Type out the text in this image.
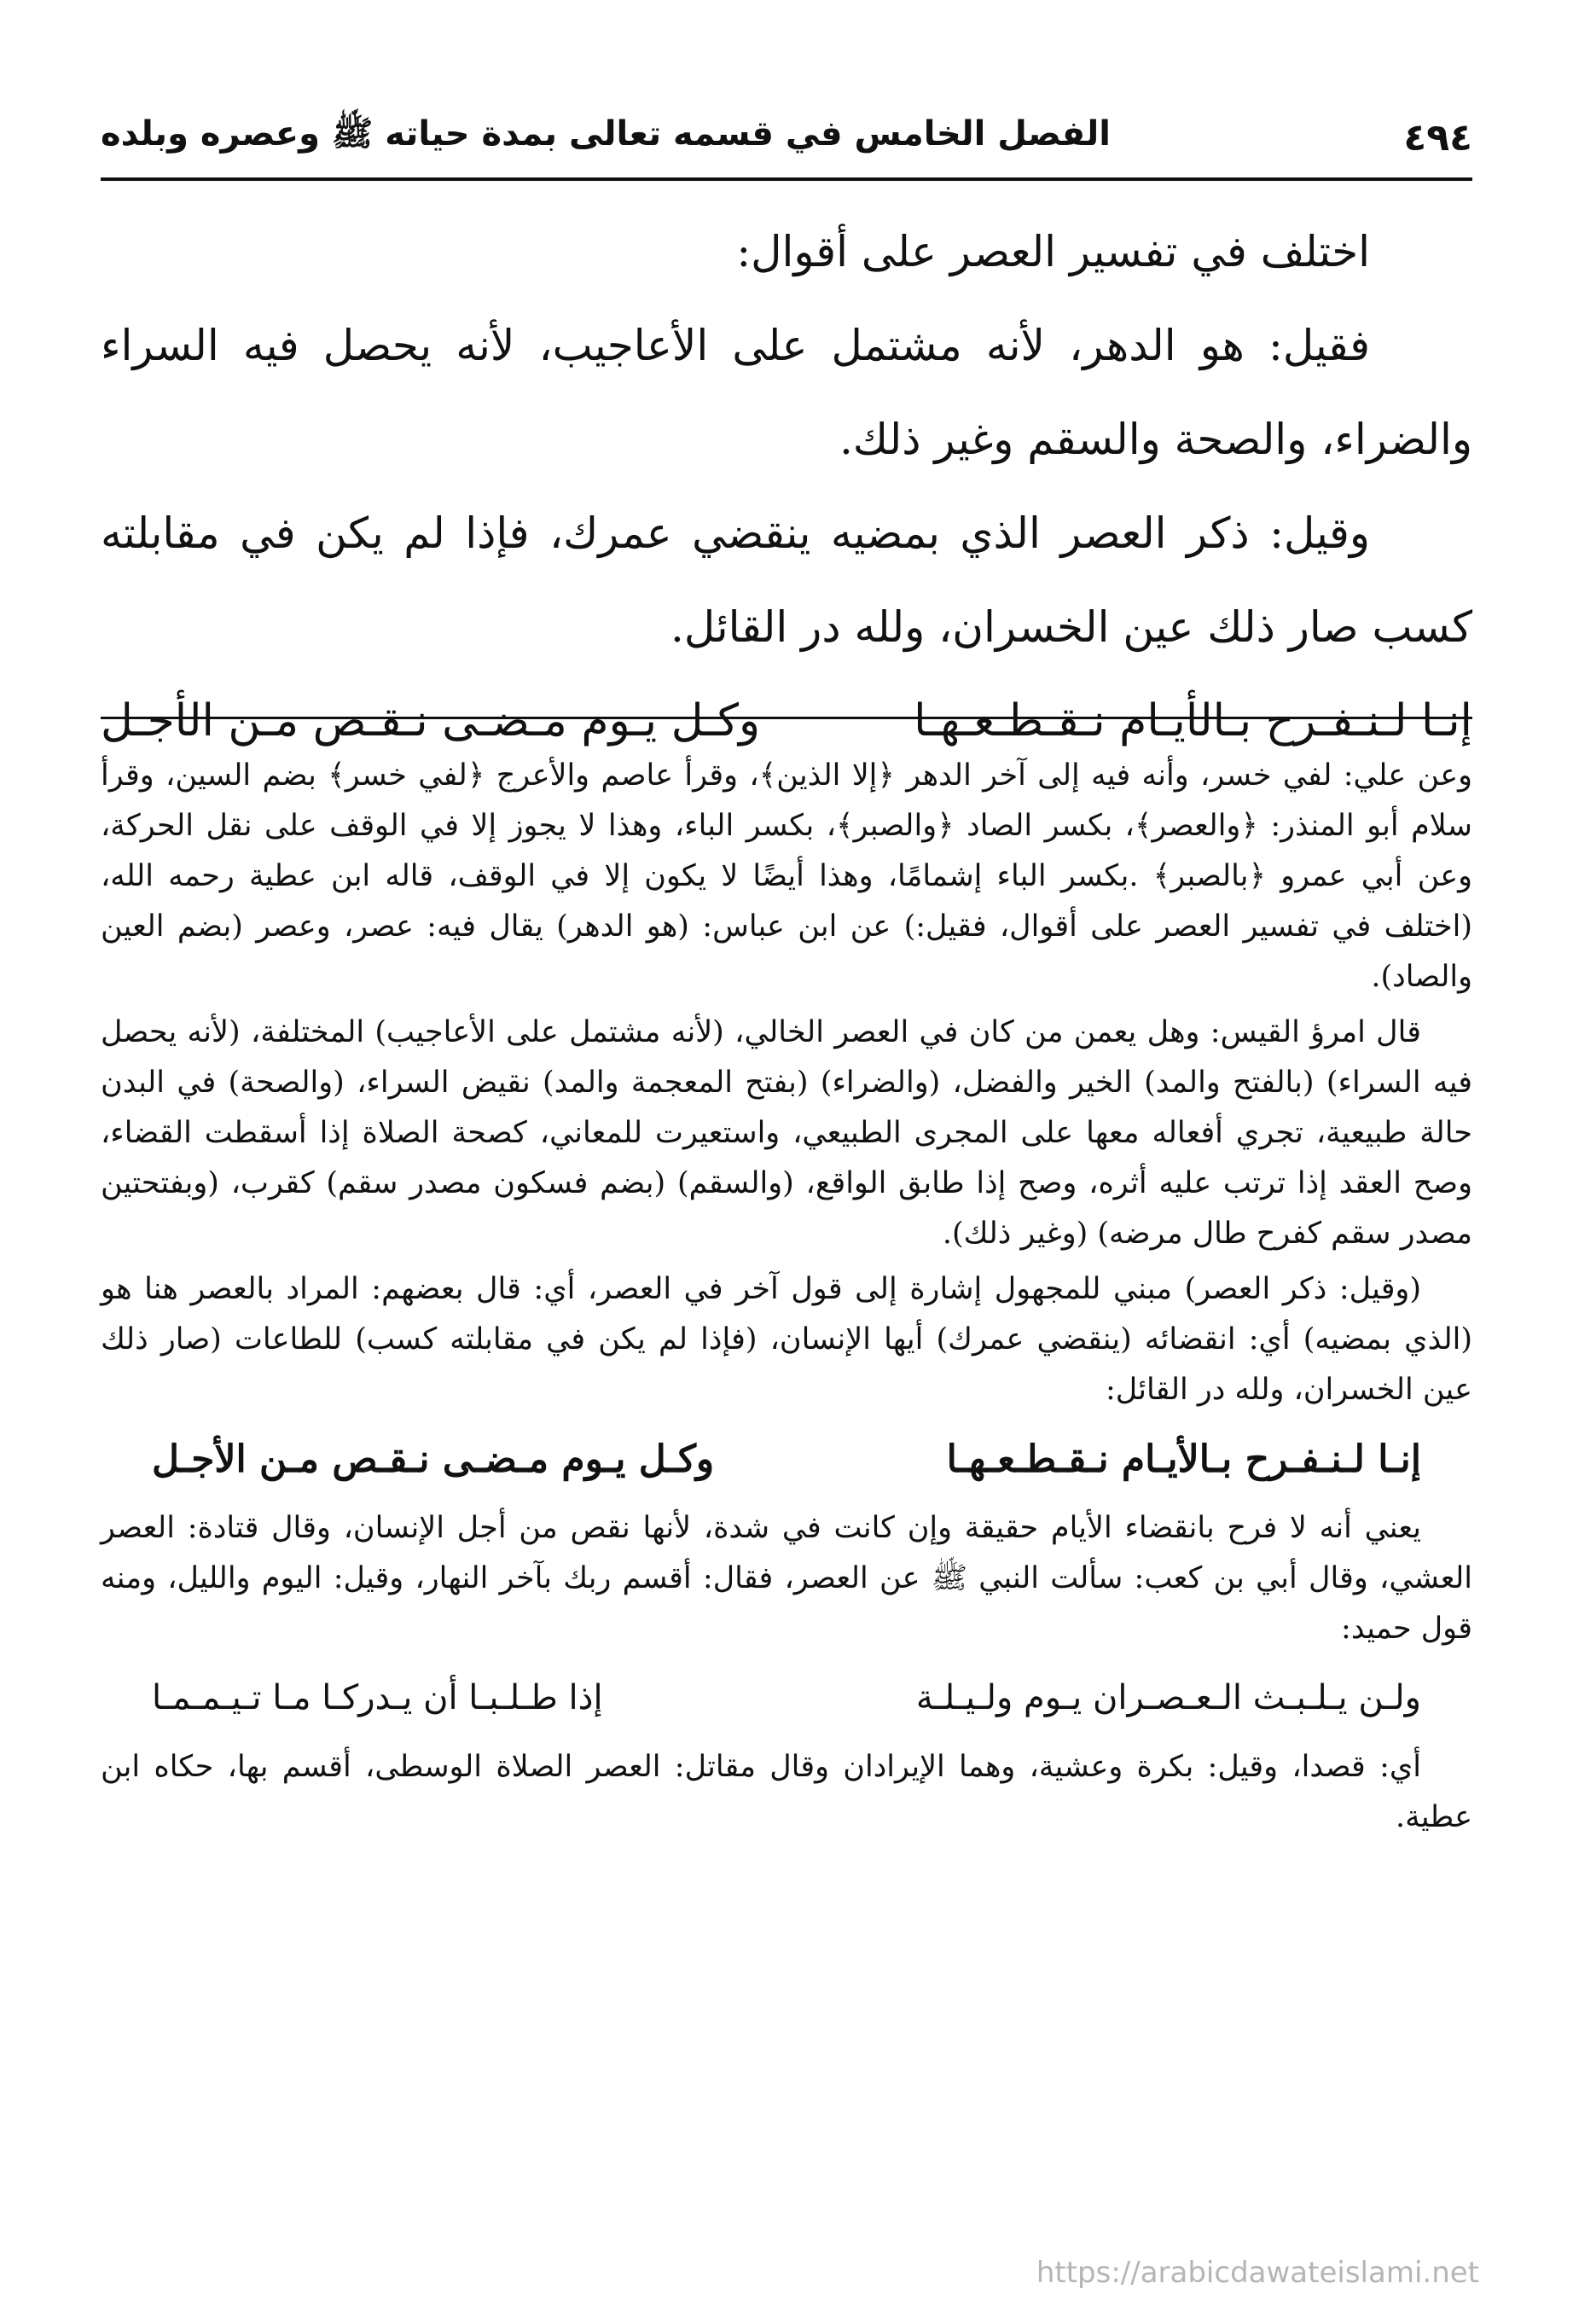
٤٩٤
الفصل الخامس في قسمه تعالى بمدة حياته ﷺ وعصره وبلده

اختلف في تفسير العصر على أقوال:

فقيل: هو الدهر، لأنه مشتمل على الأعاجيب، لأنه يحصل فيه السراء والضراء، والصحة والسقم وغير ذلك.

وقيل: ذكر العصر الذي بمضيه ينقضي عمرك، فإذا لم يكن في مقابلته كسب صار ذلك عين الخسران، ولله در القائل.

إنـا لـنـفـرح بـالأيـام نـقـطـعـهـا
وكـل يـوم مـضـى نـقـص مـن الأجـل

وعن علي: لفي خسر، وأنه فيه إلى آخر الدهر ﴿إلا الذين﴾، وقرأ عاصم والأعرج ﴿لفي خسر﴾ بضم السين، وقرأ سلام أبو المنذر: ﴿والعصر﴾، بكسر الصاد ﴿والصبر﴾، بكسر الباء، وهذا لا يجوز إلا في الوقف على نقل الحركة، وعن أبي عمرو ﴿بالصبر﴾ .بكسر الباء إشمامًا، وهذا أيضًا لا يكون إلا في الوقف، قاله ابن عطية رحمه الله، (اختلف في تفسير العصر على أقوال، فقيل:) عن ابن عباس: (هو الدهر) يقال فيه: عصر، وعصر (بضم العين والصاد).

قال امرؤ القيس: وهل يعمن من كان في العصر الخالي، (لأنه مشتمل على الأعاجيب) المختلفة، (لأنه يحصل فيه السراء) (بالفتح والمد) الخير والفضل، (والضراء) (بفتح المعجمة والمد) نقيض السراء، (والصحة) في البدن حالة طبيعية، تجري أفعاله معها على المجرى الطبيعي، واستعيرت للمعاني، كصحة الصلاة إذا أسقطت القضاء، وصح العقد إذا ترتب عليه أثره، وصح إذا طابق الواقع، (والسقم) (بضم فسكون مصدر سقم) كقرب، (وبفتحتين مصدر سقم كفرح طال مرضه) (وغير ذلك).

(وقيل: ذكر العصر) مبني للمجهول إشارة إلى قول آخر في العصر، أي: قال بعضهم: المراد بالعصر هنا هو (الذي بمضيه) أي: انقضائه (ينقضي عمرك) أيها الإنسان، (فإذا لم يكن في مقابلته كسب) للطاعات (صار ذلك عين الخسران، ولله در القائل:

إنـا لـنـفـرح بـالأيـام نـقـطـعـهـا
وكـل يـوم مـضـى نـقـص مـن الأجـل

يعني أنه لا فرح بانقضاء الأيام حقيقة وإن كانت في شدة، لأنها نقص من أجل الإنسان، وقال قتادة: العصر العشي، وقال أبي بن كعب: سألت النبي ﷺ عن العصر، فقال: أقسم ربك بآخر النهار، وقيل: اليوم والليل، ومنه قول حميد:

ولـن يـلـبـث الـعـصـران يـوم ولـيـلـة
إذا طـلـبـا أن يـدركـا مـا تـيـمـمـا

أي: قصدا، وقيل: بكرة وعشية، وهما الإيرادان وقال مقاتل: العصر الصلاة الوسطى، أقسم بها، حكاه ابن عطية.

https://arabicdawateislami.net
